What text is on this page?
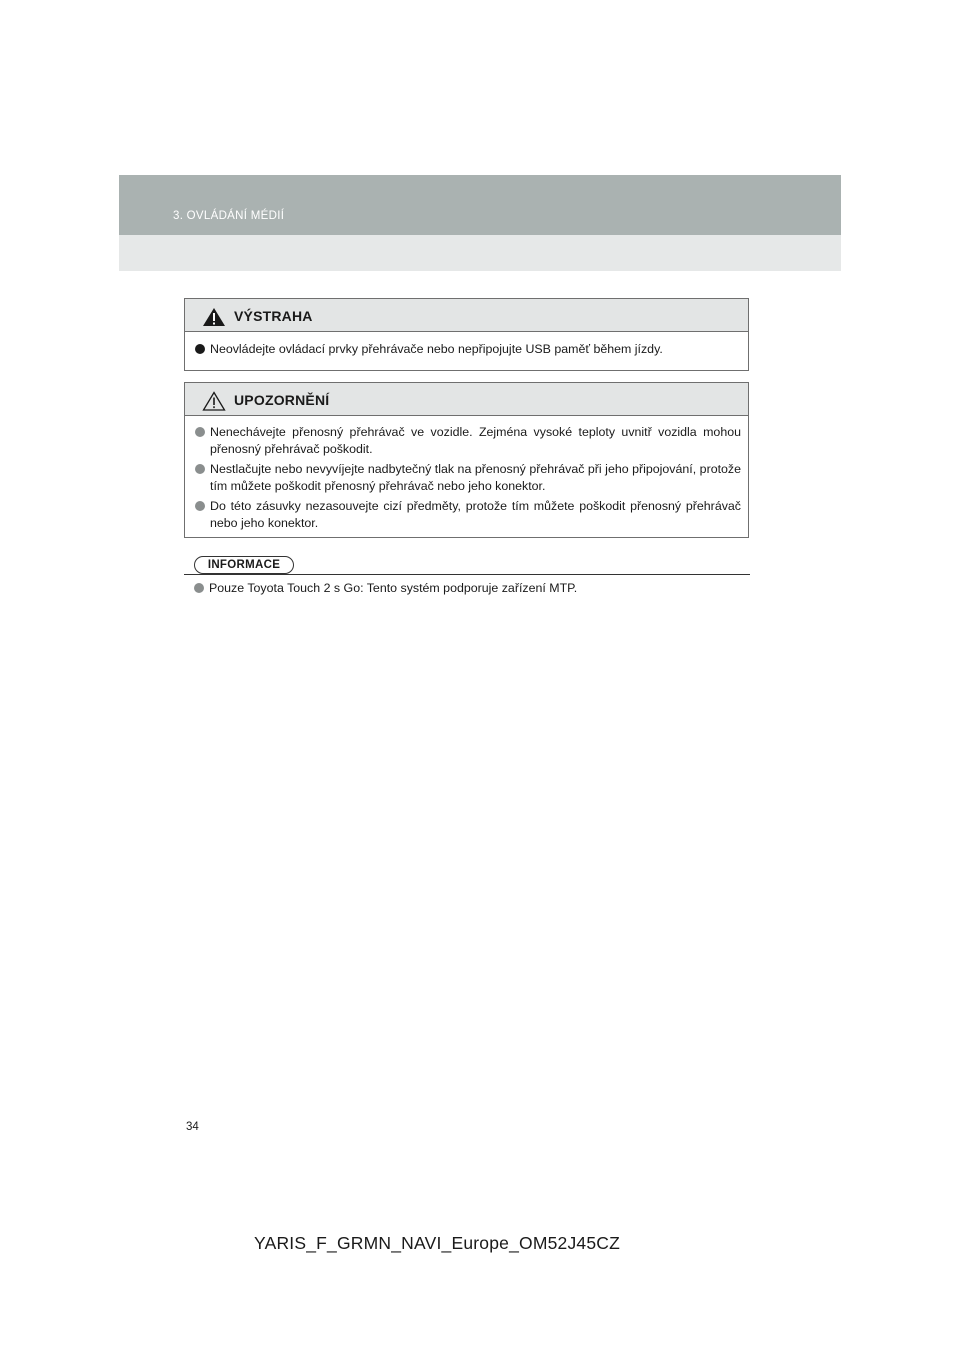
3. OVLÁDÁNÍ MÉDIÍ
VÝSTRAHA
Neovládejte ovládací prvky přehrávače nebo nepřipojujte USB paměť během jízdy.
UPOZORNĚNÍ
Nenechávejte přenosný přehrávač ve vozidle. Zejména vysoké teploty uvnitř vozidla mohou přenosný přehrávač poškodit.
Nestlačujte nebo nevyvíjejte nadbytečný tlak na přenosný přehrávač při jeho připojování, protože tím můžete poškodit přenosný přehrávač nebo jeho konektor.
Do této zásuvky nezasouvejte cizí předměty, protože tím můžete poškodit přenosný přehrávač nebo jeho konektor.
INFORMACE
Pouze Toyota Touch 2 s Go: Tento systém podporuje zařízení MTP.
34
YARIS_F_GRMN_NAVI_Europe_OM52J45CZ
